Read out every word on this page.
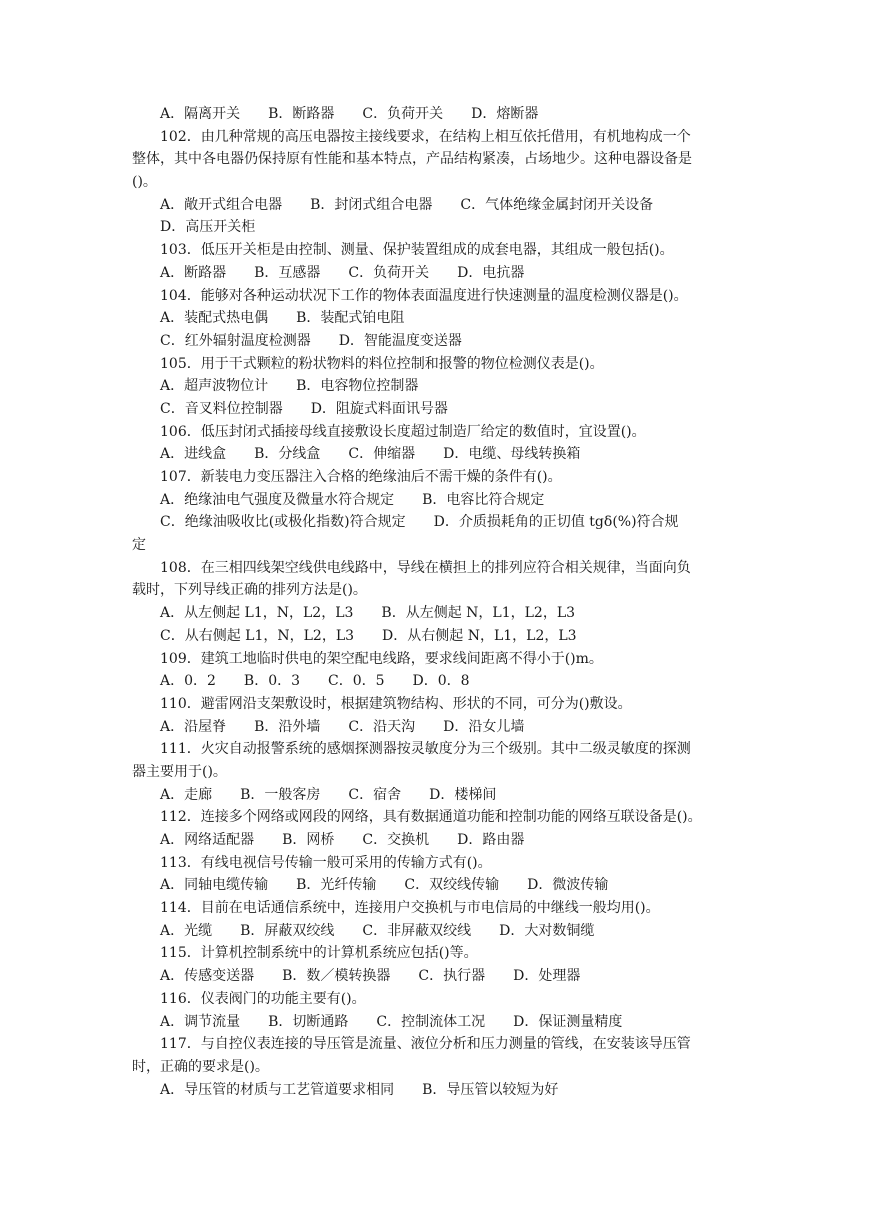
A．隔离开关　　B．断路器　　C．负荷开关　　D．熔断器
102．由几种常规的高压电器按主接线要求，在结构上相互依托借用，有机地构成一个
整体，其中各电器仍保持原有性能和基本特点，产品结构紧凑，占场地少。这种电器设备是
()。
A．敞开式组合电器　　B．封闭式组合电器　　C．气体绝缘金属封闭开关设备
D．高压开关柜
103．低压开关柜是由控制、测量、保护装置组成的成套电器，其组成一般包括()。
A．断路器　　B．互感器　　C．负荷开关　　D．电抗器
104．能够对各种运动状况下工作的物体表面温度进行快速测量的温度检测仪器是()。
A．装配式热电偶　　B．装配式铂电阻
C．红外辐射温度检测器　　D．智能温度变送器
105．用于干式颗粒的粉状物料的料位控制和报警的物位检测仪表是()。
A．超声波物位计　　B．电容物位控制器
C．音叉料位控制器　　D．阻旋式料面讯号器
106．低压封闭式插接母线直接敷设长度超过制造厂给定的数值时，宜设置()。
A．进线盒　　B．分线盒　　C．伸缩器　　D．电缆、母线转换箱
107．新装电力变压器注入合格的绝缘油后不需干燥的条件有()。
A．绝缘油电气强度及微量水符合规定　　B．电容比符合规定
C．绝缘油吸收比(或极化指数)符合规定　　D．介质损耗角的正切值 tgδ(%)符合规
定
108．在三相四线架空线供电线路中，导线在横担上的排列应符合相关规律，当面向负
载时，下列导线正确的排列方法是()。
A．从左侧起 L1，N，L2，L3　　B．从左侧起 N，L1，L2，L3
C．从右侧起 L1，N，L2，L3　　D．从右侧起 N，L1，L2，L3
109．建筑工地临时供电的架空配电线路，要求线间距离不得小于()m。
A．0．2　　B．0．3　　C．0．5　　D．0．8
110．避雷网沿支架敷设时，根据建筑物结构、形状的不同，可分为()敷设。
A．沿屋脊　　B．沿外墙　　C．沿天沟　　D．沿女儿墙
111．火灾自动报警系统的感烟探测器按灵敏度分为三个级别。其中二级灵敏度的探测
器主要用于()。
A．走廊　　B．一般客房　　C．宿舍　　D．楼梯间
112．连接多个网络或网段的网络，具有数据通道功能和控制功能的网络互联设备是()。
A．网络适配器　　B．网桥　　C．交换机　　D．路由器
113．有线电视信号传输一般可采用的传输方式有()。
A．同轴电缆传输　　B．光纤传输　　C．双绞线传输　　D．微波传输
114．目前在电话通信系统中，连接用户交换机与市电信局的中继线一般均用()。
A．光缆　　B．屏蔽双绞线　　C．非屏蔽双绞线　　D．大对数铜缆
115．计算机控制系统中的计算机系统应包括()等。
A．传感变送器　　B．数／模转换器　　C．执行器　　D．处理器
116．仪表阀门的功能主要有()。
A．调节流量　　B．切断通路　　C．控制流体工况　　D．保证测量精度
117．与自控仪表连接的导压管是流量、液位分析和压力测量的管线，在安装该导压管
时，正确的要求是()。
A．导压管的材质与工艺管道要求相同　　B．导压管以较短为好
